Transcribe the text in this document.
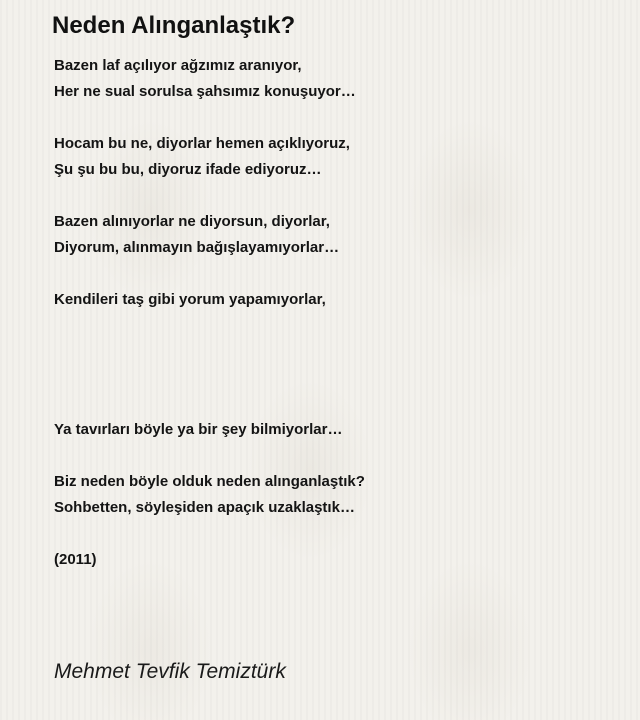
Neden Alınganlaştık?
Bazen laf açılıyor ağzımız aranıyor,
Her ne sual sorulsa şahsımız konuşuyor…
Hocam bu ne, diyorlar hemen açıklıyoruz,
Şu şu bu bu, diyoruz ifade ediyoruz…
Bazen alınıyorlar ne diyorsun, diyorlar,
Diyorum, alınmayın bağışlayamıyorlar…
Kendileri taş gibi yorum yapamıyorlar,
Ya tavırları böyle ya bir şey bilmiyorlar…
Biz neden böyle olduk neden alınganlaştık?
Sohbetten, söyleşiden apaçık uzaklaştık…
(2011)
Mehmet Tevfik Temiztürk
